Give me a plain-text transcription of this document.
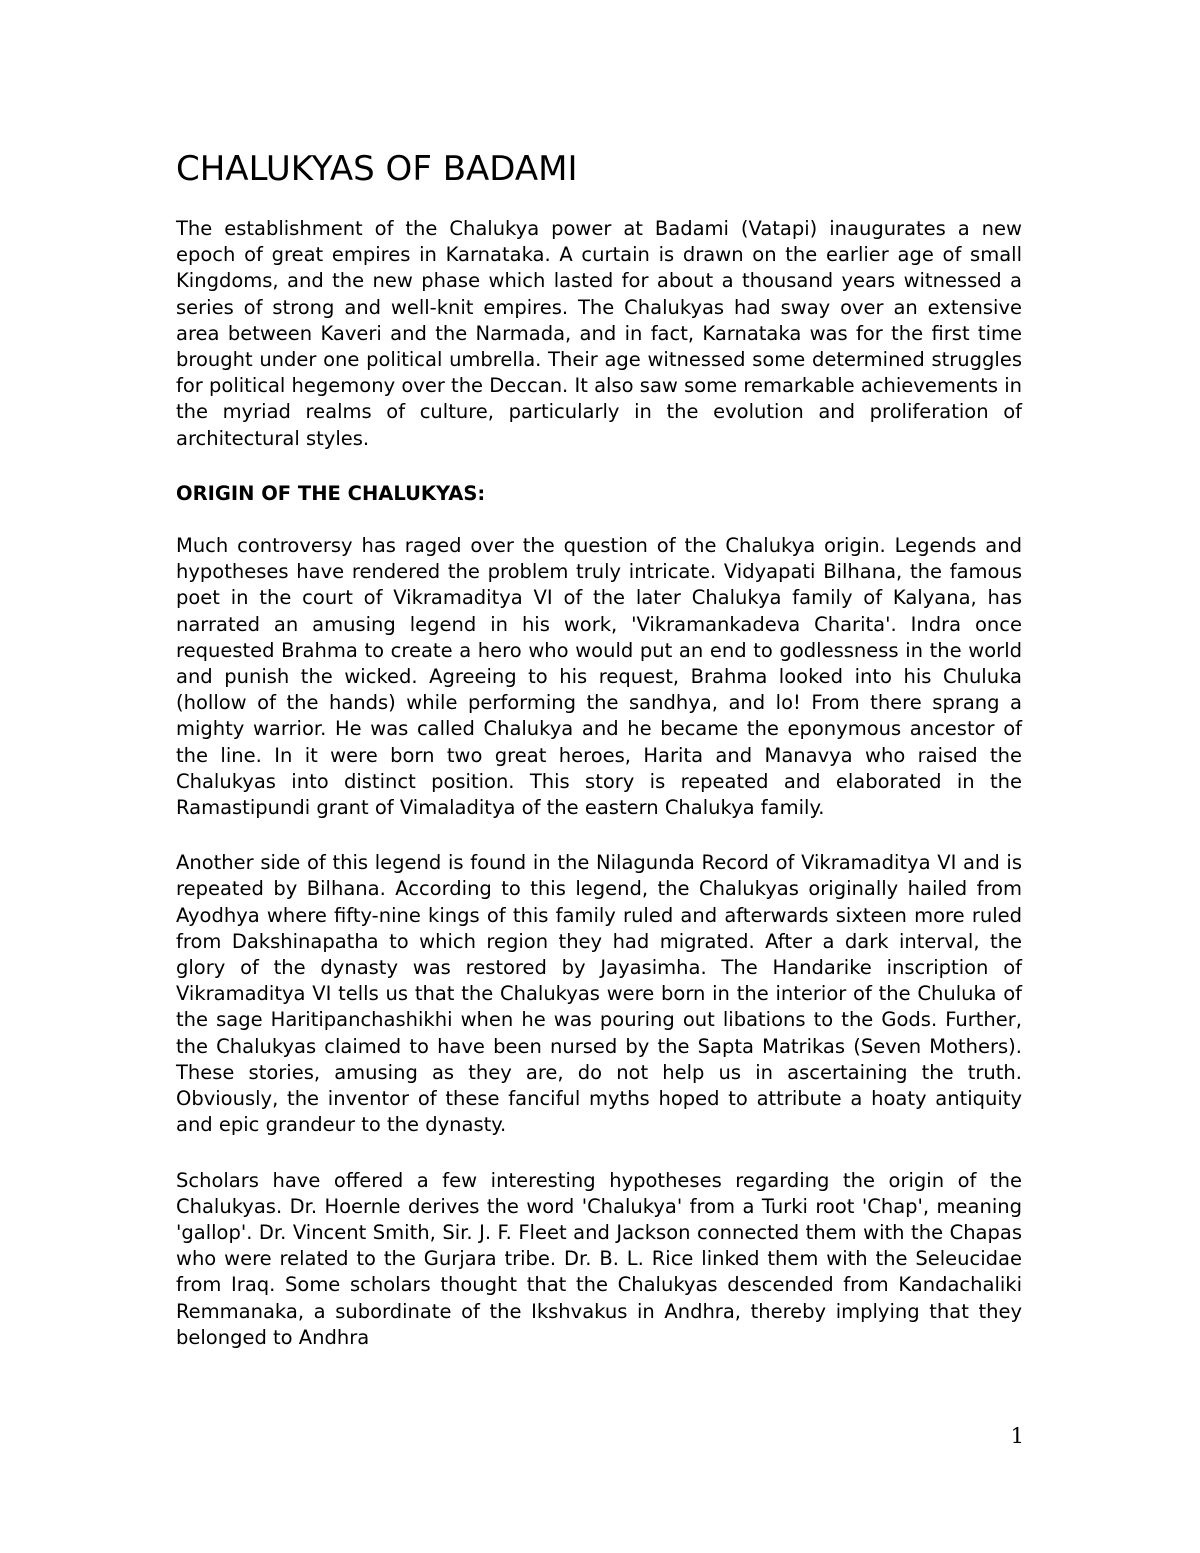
CHALUKYAS OF BADAMI

The establishment of the Chalukya power at Badami (Vatapi) inaugurates a new epoch of great empires in Karnataka. A curtain is drawn on the earlier age of small Kingdoms, and the new phase which lasted for about a thousand years witnessed a series of strong and well-knit empires. The Chalukyas had sway over an extensive area between Kaveri and the Narmada, and in fact, Karnataka was for the first time brought under one political umbrella. Their age witnessed some determined struggles for political hegemony over the Deccan. It also saw some remarkable achievements in the myriad realms of culture, particularly in the evolution and proliferation of architectural styles.

ORIGIN OF THE CHALUKYAS:

Much controversy has raged over the question of the Chalukya origin. Legends and hypotheses have rendered the problem truly intricate. Vidyapati Bilhana, the famous poet in the court of Vikramaditya VI of the later Chalukya family of Kalyana, has narrated an amusing legend in his work, 'Vikramankadeva Charita'. Indra once requested Brahma to create a hero who would put an end to godlessness in the world and punish the wicked. Agreeing to his request, Brahma looked into his Chuluka (hollow of the hands) while performing the sandhya, and lo! From there sprang a mighty warrior. He was called Chalukya and he became the eponymous ancestor of the line. In it were born two great heroes, Harita and Manavya who raised the Chalukyas into distinct position. This story is repeated and elaborated in the Ramastipundi grant of Vimaladitya of the eastern Chalukya family.

Another side of this legend is found in the Nilagunda Record of Vikramaditya VI and is repeated by Bilhana. According to this legend, the Chalukyas originally hailed from Ayodhya where fifty-nine kings of this family ruled and afterwards sixteen more ruled from Dakshinapatha to which region they had migrated. After a dark interval, the glory of the dynasty was restored by Jayasimha. The Handarike inscription of Vikramaditya VI tells us that the Chalukyas were born in the interior of the Chuluka of the sage Haritipanchashikhi when he was pouring out libations to the Gods. Further, the Chalukyas claimed to have been nursed by the Sapta Matrikas (Seven Mothers). These stories, amusing as they are, do not help us in ascertaining the truth. Obviously, the inventor of these fanciful myths hoped to attribute a hoaty antiquity and epic grandeur to the dynasty.

Scholars have offered a few interesting hypotheses regarding the origin of the Chalukyas. Dr. Hoernle derives the word 'Chalukya' from a Turki root 'Chap', meaning 'gallop'. Dr. Vincent Smith, Sir. J. F. Fleet and Jackson connected them with the Chapas who were related to the Gurjara tribe. Dr. B. L. Rice linked them with the Seleucidae from Iraq. Some scholars thought that the Chalukyas descended from Kandachaliki Remmanaka, a subordinate of the Ikshvakus in Andhra, thereby implying that they belonged to Andhra

1
